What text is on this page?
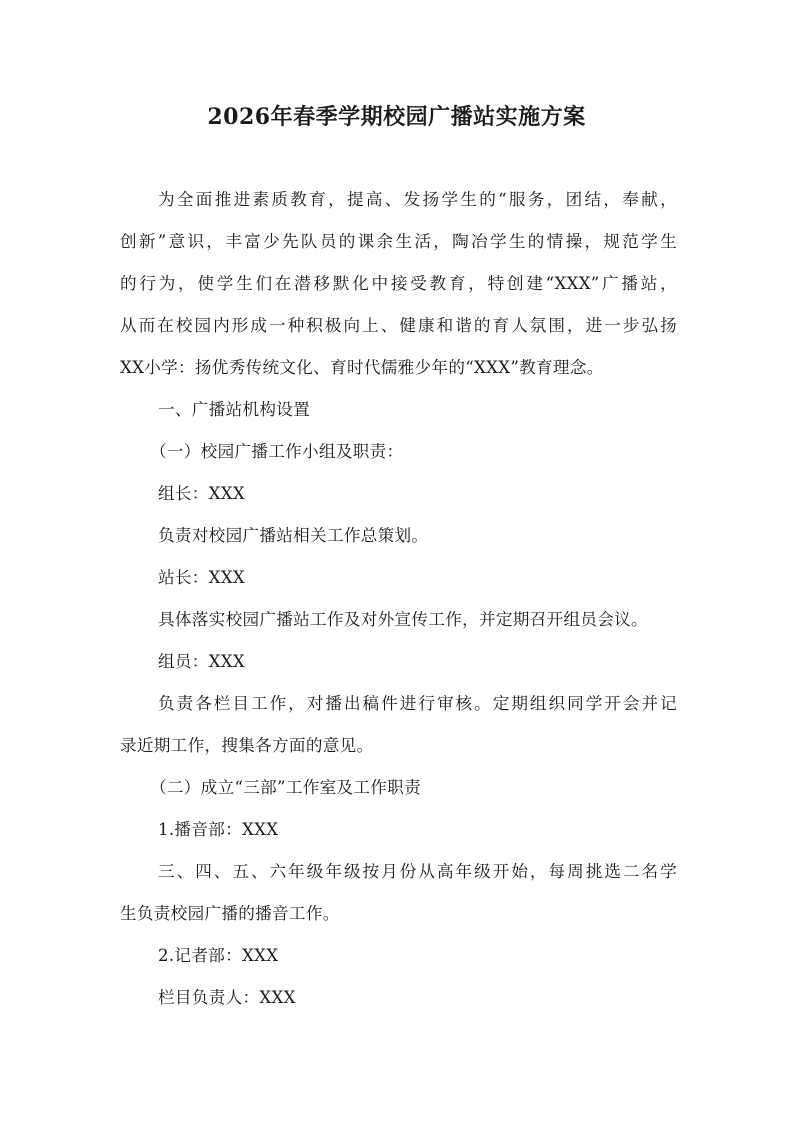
2026年春季学期校园广播站实施方案
为全面推进素质教育，提高、发扬学生的“服务，团结，奉献，
创新”意识，丰富少先队员的课余生活，陶冶学生的情操，规范学生
的行为，使学生们在潜移默化中接受教育，特创建“XXX”广播站，
从而在校园内形成一种积极向上、健康和谐的育人氛围，进一步弘扬
XX小学：扬优秀传统文化、育时代儒雅少年的“XXX”教育理念。
一、广播站机构设置
（一）校园广播工作小组及职责：
组长：XXX
负责对校园广播站相关工作总策划。
站长：XXX
具体落实校园广播站工作及对外宣传工作，并定期召开组员会议。
组员：XXX
负责各栏目工作，对播出稿件进行审核。定期组织同学开会并记
录近期工作，搜集各方面的意见。
（二）成立“三部”工作室及工作职责
1.播音部：XXX
三、四、五、六年级年级按月份从高年级开始，每周挑选二名学
生负责校园广播的播音工作。
2.记者部：XXX
栏目负责人：XXX
